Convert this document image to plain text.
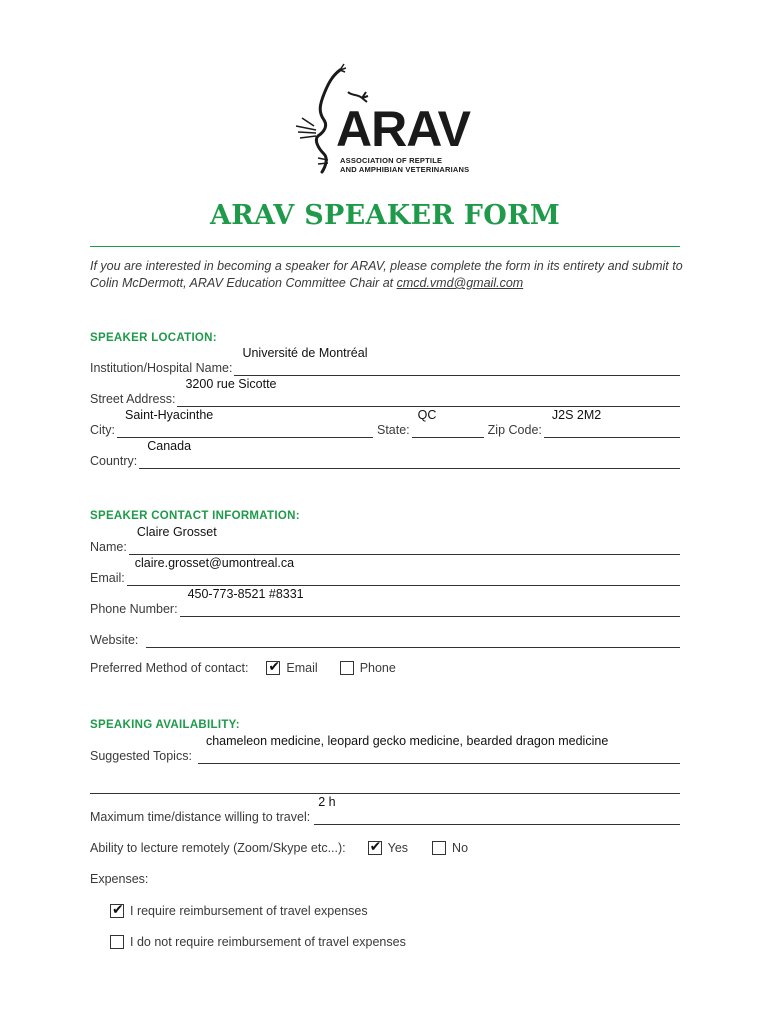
ARAV
ASSOCIATION OF REPTILE
AND AMPHIBIAN VETERINARIANS
ARAV SPEAKER FORM
If you are interested in becoming a speaker for ARAV, please complete the form in its entirety and submit to Colin McDermott, ARAV Education Committee Chair at cmcd.vmd@gmail.com
SPEAKER LOCATION:
Institution/Hospital Name:
Université de Montréal
Street Address:
3200 rue Sicotte
City:
Saint-Hyacinthe
State:
QC
Zip Code:
J2S 2M2
Country:
Canada
SPEAKER CONTACT INFORMATION:
Name:
Claire Grosset
Email:
claire.grosset@umontreal.ca
Phone Number:
450-773-8521 #8331
Website:
Preferred Method of contact: ✔ Email	Phone
SPEAKING AVAILABILITY:
Suggested Topics:
chameleon medicine, leopard gecko medicine, bearded dragon medicine
Maximum time/distance willing to travel:
2 h
Ability to lecture remotely (Zoom/Skype etc...): ✔ Yes	No
Expenses:
✔ I require reimbursement of travel expenses
I do not require reimbursement of travel expenses
